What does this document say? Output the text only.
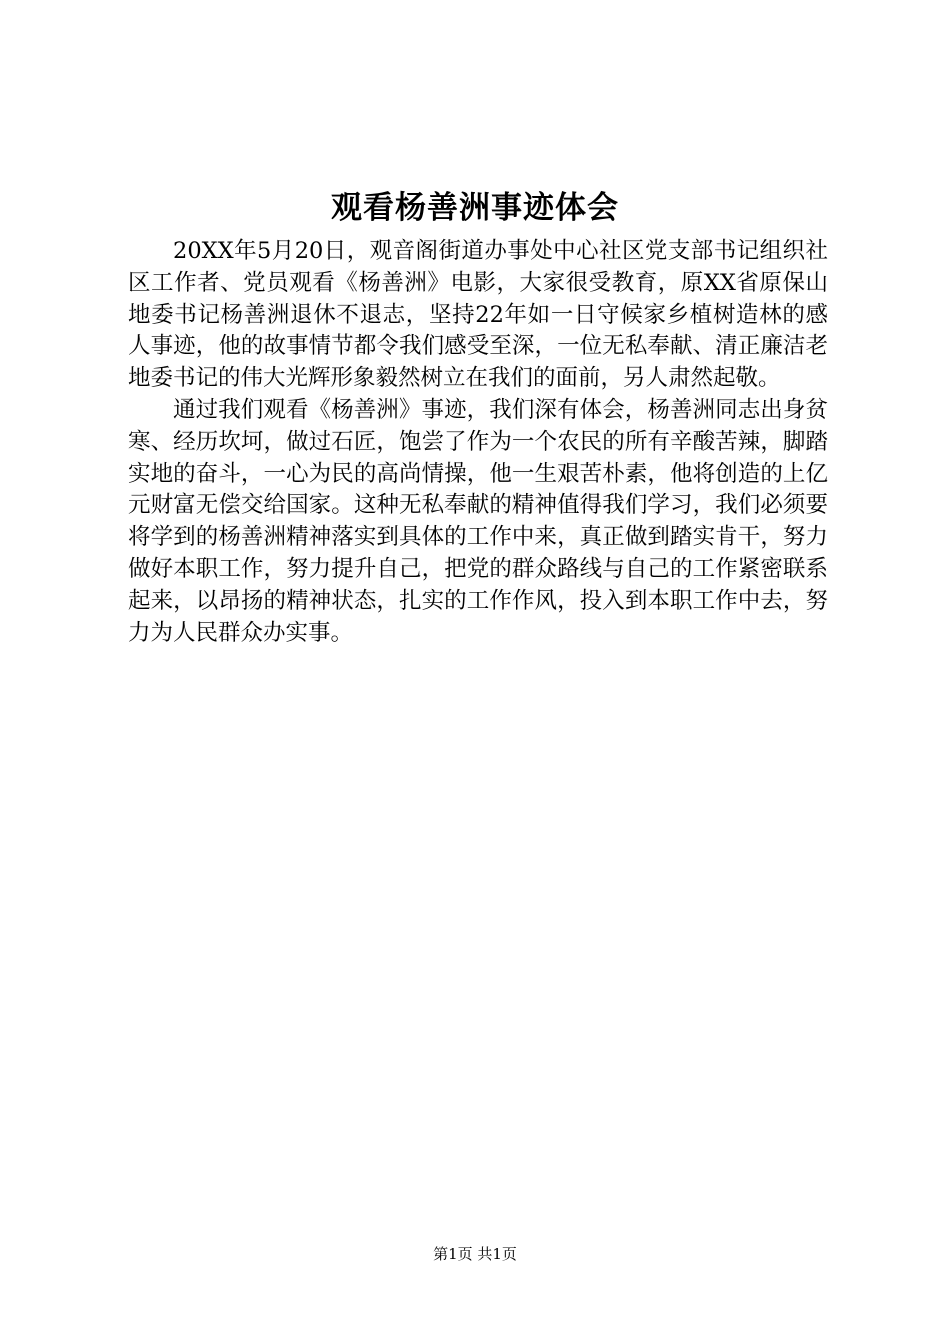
观看杨善洲事迹体会

20XX年5月20日，观音阁街道办事处中心社区党支部书记组织社区工作者、党员观看《杨善洲》电影，大家很受教育，原XX省原保山地委书记杨善洲退休不退志，坚持22年如一日守候家乡植树造林的感人事迹，他的故事情节都令我们感受至深，一位无私奉献、清正廉洁老地委书记的伟大光辉形象毅然树立在我们的面前，另人肃然起敬。

通过我们观看《杨善洲》事迹，我们深有体会，杨善洲同志出身贫寒、经历坎坷，做过石匠，饱尝了作为一个农民的所有辛酸苦辣，脚踏实地的奋斗，一心为民的高尚情操，他一生艰苦朴素，他将创造的上亿元财富无偿交给国家。这种无私奉献的精神值得我们学习，我们必须要将学到的杨善洲精神落实到具体的工作中来，真正做到踏实肯干，努力做好本职工作，努力提升自己，把党的群众路线与自己的工作紧密联系起来，以昂扬的精神状态，扎实的工作作风，投入到本职工作中去，努力为人民群众办实事。

第1页 共1页
